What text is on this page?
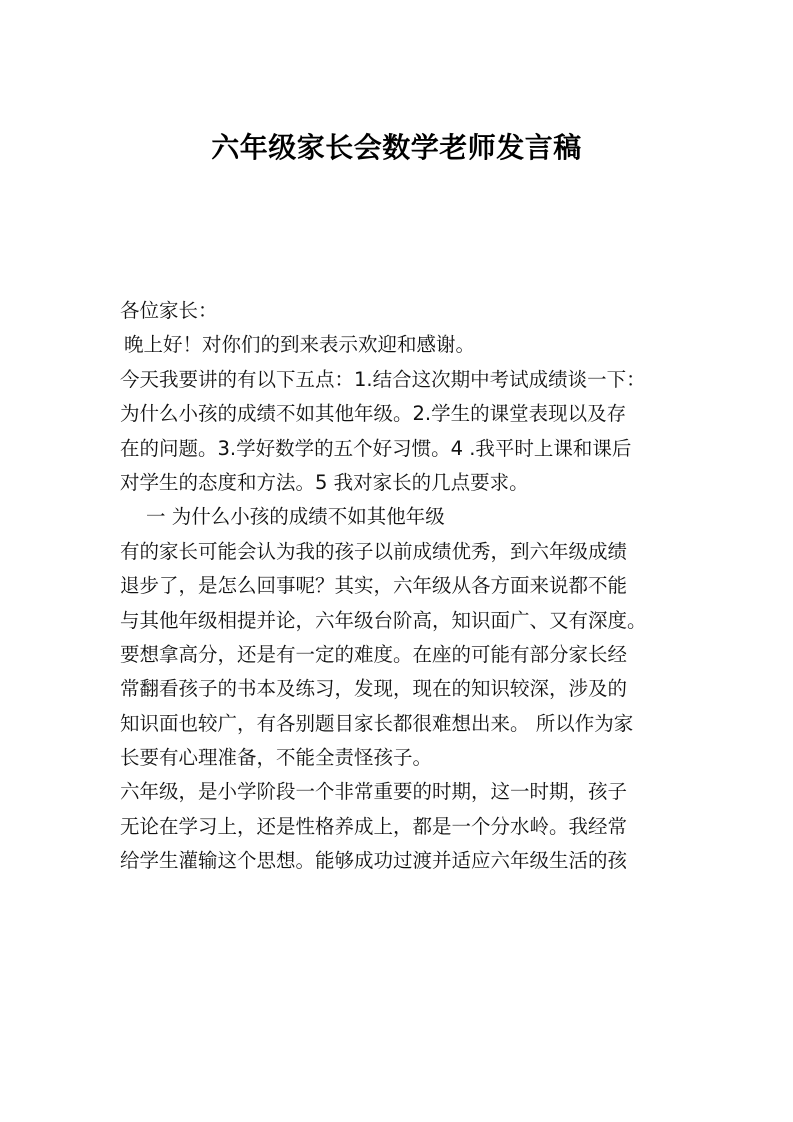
六年级家长会数学老师发言稿
各位家长：
晚上好！对你们的到来表示欢迎和感谢。
今天我要讲的有以下五点：1.结合这次期中考试成绩谈一下：
为什么小孩的成绩不如其他年级。2.学生的课堂表现以及存
在的问题。3.学好数学的五个好习惯。4 .我平时上课和课后
对学生的态度和方法。5 我对家长的几点要求。
一 为什么小孩的成绩不如其他年级
有的家长可能会认为我的孩子以前成绩优秀，到六年级成绩
退步了，是怎么回事呢？其实，六年级从各方面来说都不能
与其他年级相提并论，六年级台阶高，知识面广、又有深度。
要想拿高分，还是有一定的难度。在座的可能有部分家长经
常翻看孩子的书本及练习，发现，现在的知识较深，涉及的
知识面也较广，有各别题目家长都很难想出来。 所以作为家
长要有心理准备，不能全责怪孩子。
六年级，是小学阶段一个非常重要的时期，这一时期，孩子
无论在学习上，还是性格养成上，都是一个分水岭。我经常
给学生灌输这个思想。能够成功过渡并适应六年级生活的孩
